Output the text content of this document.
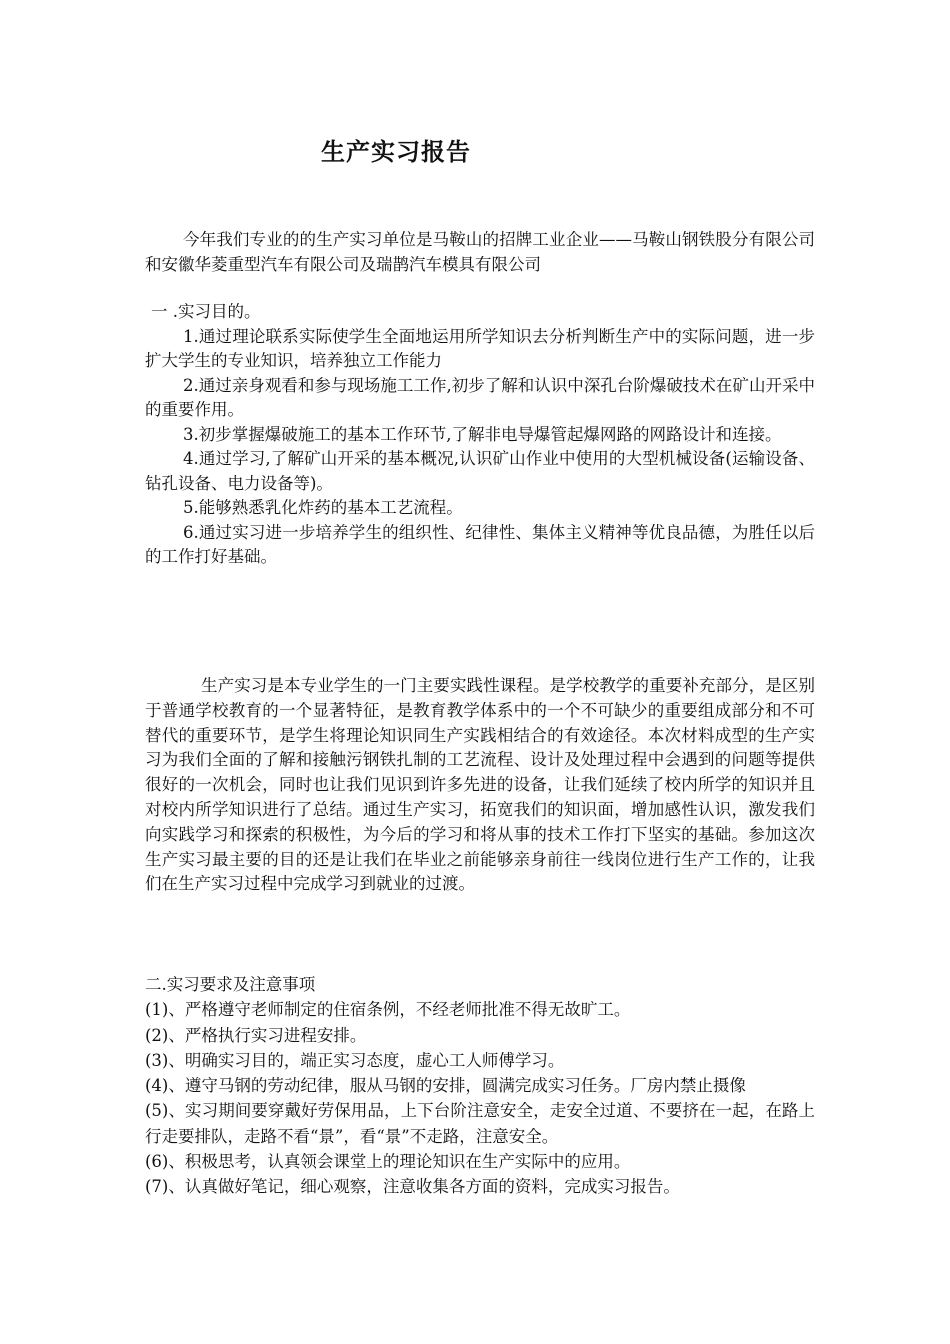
生产实习报告

今年我们专业的的生产实习单位是马鞍山的招牌工业企业——马鞍山钢铁股分有限公司和安徽华菱重型汽车有限公司及瑞鹊汽车模具有限公司

一 .实习目的。

1.通过理论联系实际使学生全面地运用所学知识去分析判断生产中的实际问题，进一步扩大学生的专业知识，培养独立工作能力

2.通过亲身观看和参与现场施工工作,初步了解和认识中深孔台阶爆破技术在矿山开采中的重要作用。

3.初步掌握爆破施工的基本工作环节,了解非电导爆管起爆网路的网路设计和连接。

4.通过学习,了解矿山开采的基本概况,认识矿山作业中使用的大型机械设备(运输设备、钻孔设备、电力设备等)。

5.能够熟悉乳化炸药的基本工艺流程。

6.通过实习进一步培养学生的组织性、纪律性、集体主义精神等优良品德，为胜任以后的工作打好基础。

生产实习是本专业学生的一门主要实践性课程。是学校教学的重要补充部分，是区别于普通学校教育的一个显著特征，是教育教学体系中的一个不可缺少的重要组成部分和不可替代的重要环节，是学生将理论知识同生产实践相结合的有效途径。本次材料成型的生产实习为我们全面的了解和接触污钢铁扎制的工艺流程、设计及处理过程中会遇到的问题等提供很好的一次机会，同时也让我们见识到许多先进的设备，让我们延续了校内所学的知识并且对校内所学知识进行了总结。通过生产实习，拓宽我们的知识面，增加感性认识，激发我们向实践学习和探索的积极性，为今后的学习和将从事的技术工作打下坚实的基础。参加这次生产实习最主要的目的还是让我们在毕业之前能够亲身前往一线岗位进行生产工作的，让我们在生产实习过程中完成学习到就业的过渡。

二.实习要求及注意事项

(1)、严格遵守老师制定的住宿条例，不经老师批准不得无故旷工。

(2)、严格执行实习进程安排。

(3)、明确实习目的，端正实习态度，虚心工人师傅学习。

(4)、遵守马钢的劳动纪律，服从马钢的安排，圆满完成实习任务。厂房内禁止摄像

(5)、实习期间要穿戴好劳保用品，上下台阶注意安全，走安全过道、不要挤在一起，在路上行走要排队，走路不看“景”，看“景”不走路，注意安全。

(6)、积极思考，认真领会课堂上的理论知识在生产实际中的应用。

(7)、认真做好笔记，细心观察，注意收集各方面的资料，完成实习报告。
